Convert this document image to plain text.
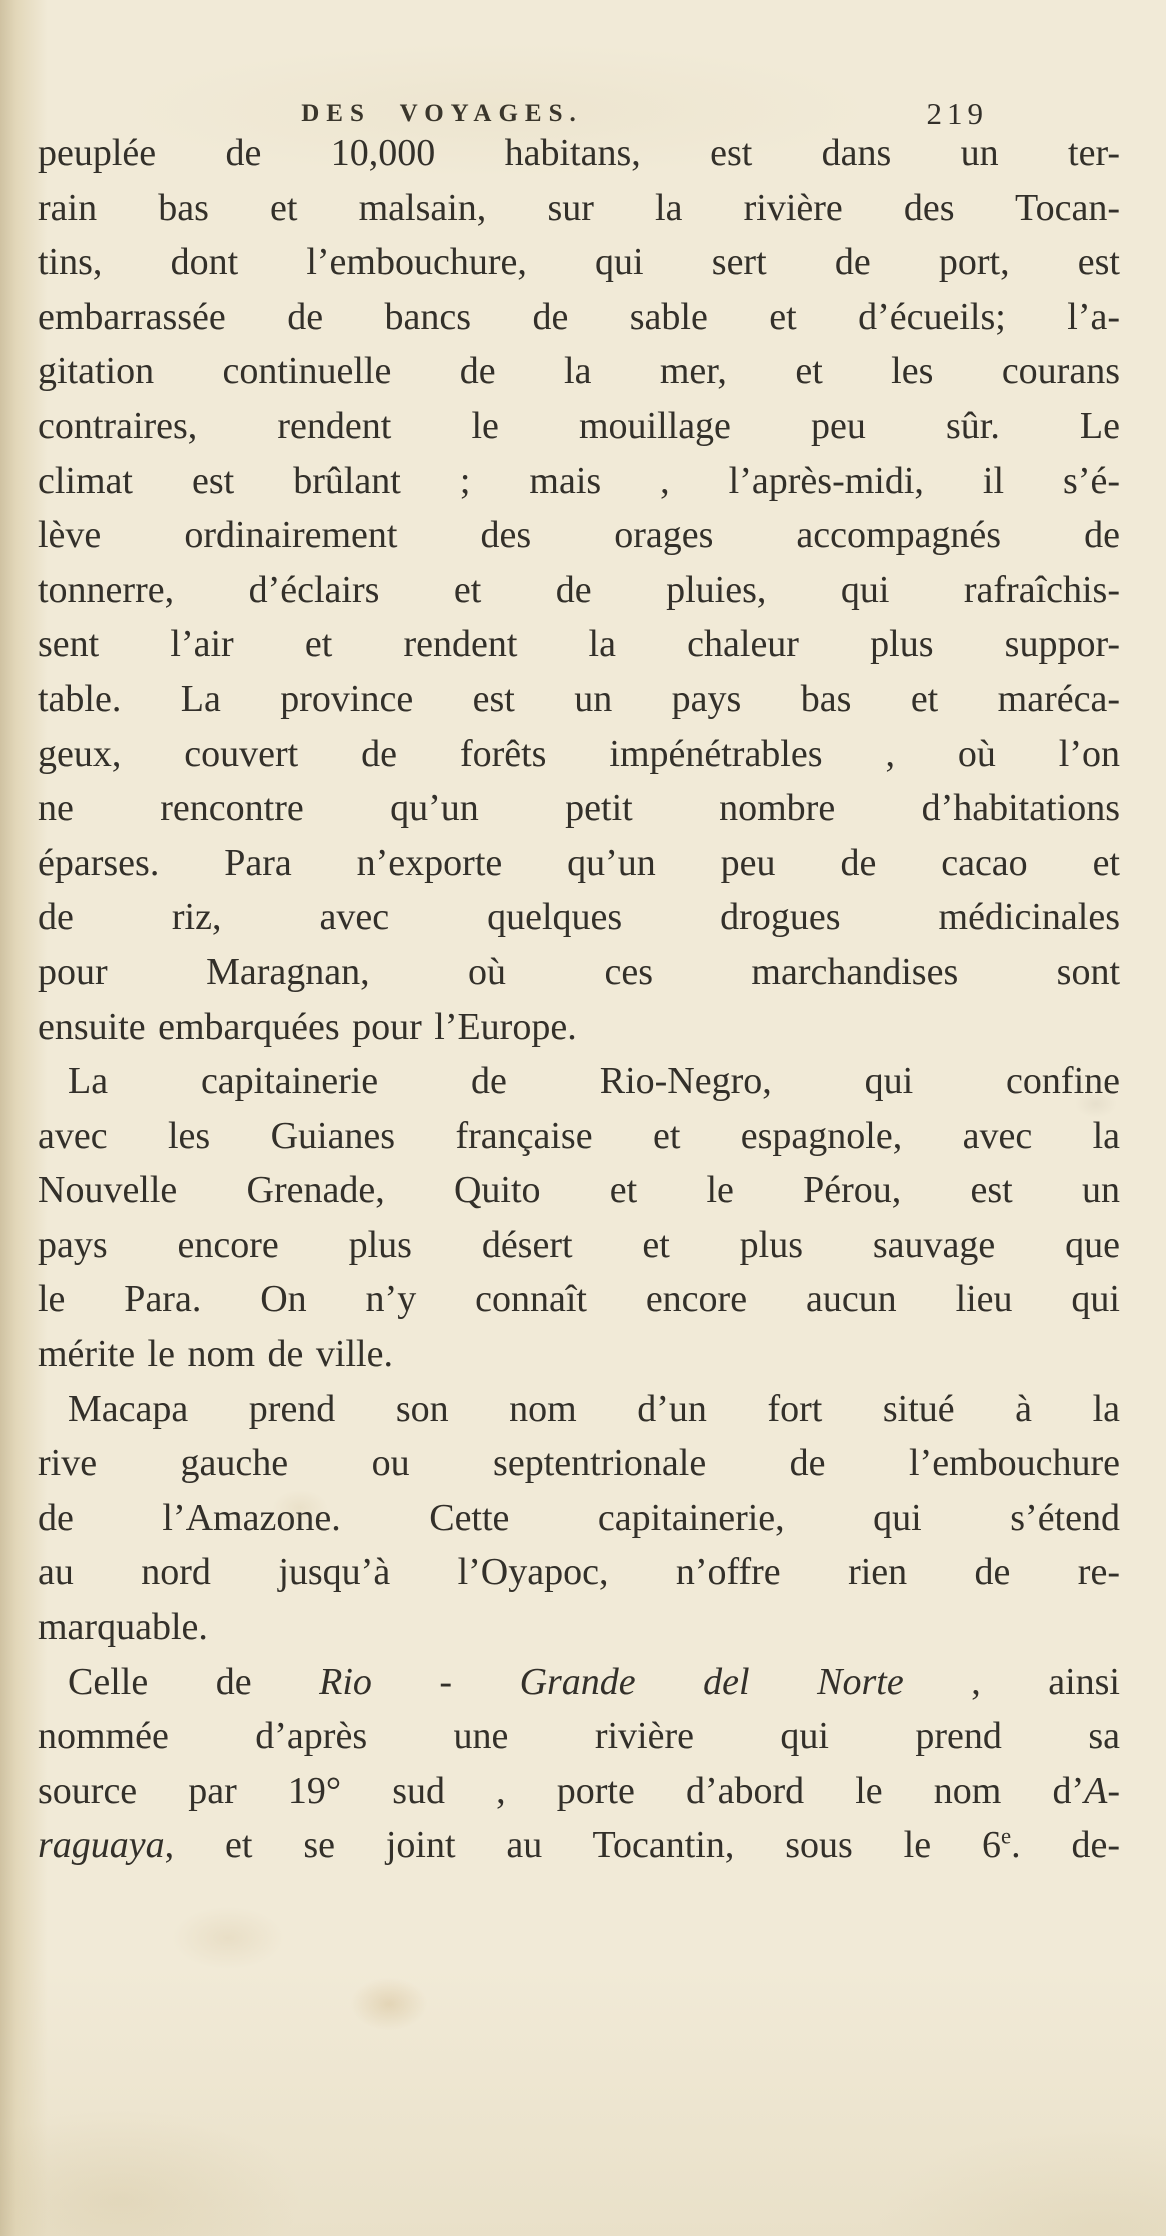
DES VOYAGES.	219
peuplée de 10,000 habitans, est dans un ter-
rain bas et malsain, sur la rivière des Tocan-
tins, dont l’embouchure, qui sert de port, est
embarrassée de bancs de sable et d’écueils; l’a-
gitation continuelle de la mer, et les courans
contraires, rendent le mouillage peu sûr. Le
climat est brûlant ; mais , l’après-midi, il s’é-
lève ordinairement des orages accompagnés de
tonnerre, d’éclairs et de pluies, qui rafraîchis-
sent l’air et rendent la chaleur plus suppor-
table. La province est un pays bas et maréca-
geux, couvert de forêts impénétrables , où l’on
ne rencontre qu’un petit nombre d’habitations
éparses. Para n’exporte qu’un peu de cacao et
de riz, avec quelques drogues médicinales
pour Maragnan, où ces marchandises sont
ensuite embarquées pour l’Europe.
La capitainerie de Rio-Negro, qui confine
avec les Guianes française et espagnole, avec la
Nouvelle Grenade, Quito et le Pérou, est un
pays encore plus désert et plus sauvage que
le Para. On n’y connaît encore aucun lieu qui
mérite le nom de ville.
Macapa prend son nom d’un fort situé à la
rive gauche ou septentrionale de l’embouchure
de l’Amazone. Cette capitainerie, qui s’étend
au nord jusqu’à l’Oyapoc, n’offre rien de re-
marquable.
Celle de Rio - Grande del Norte , ainsi
nommée d’après une rivière qui prend sa
source par 19° sud , porte d’abord le nom d’A-
raguaya, et se joint au Tocantin, sous le 6e. de-
